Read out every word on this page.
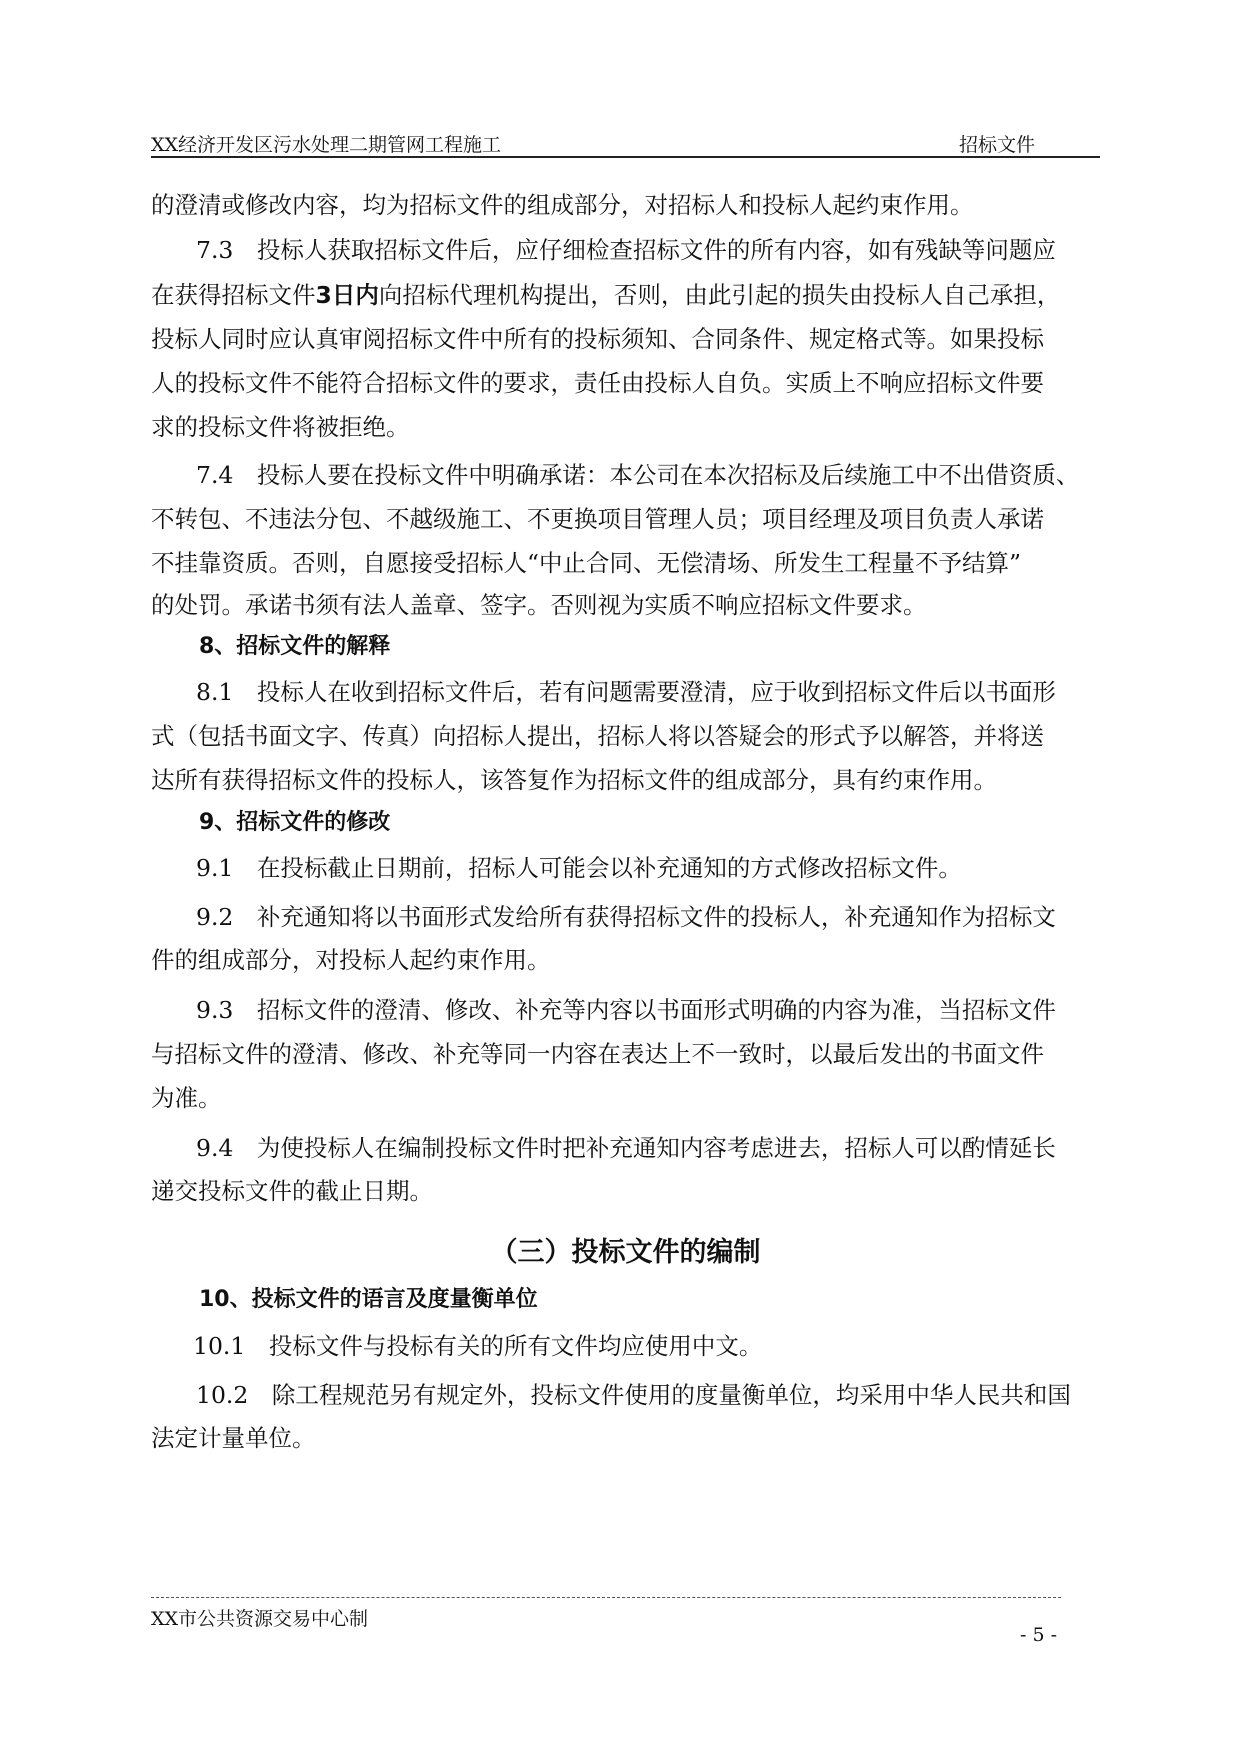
XX经济开发区污水处理二期管网工程施工	招标文件
的澄清或修改内容，均为招标文件的组成部分，对招标人和投标人起约束作用。
7.3　投标人获取招标文件后，应仔细检查招标文件的所有内容，如有残缺等问题应
在获得招标文件3日内向招标代理机构提出，否则，由此引起的损失由投标人自己承担，
投标人同时应认真审阅招标文件中所有的投标须知、合同条件、规定格式等。如果投标
人的投标文件不能符合招标文件的要求，责任由投标人自负。实质上不响应招标文件要
求的投标文件将被拒绝。
7.4　投标人要在投标文件中明确承诺：本公司在本次招标及后续施工中不出借资质、
不转包、不违法分包、不越级施工、不更换项目管理人员；项目经理及项目负责人承诺
不挂靠资质。否则，自愿接受招标人“中止合同、无偿清场、所发生工程量不予结算”
的处罚。承诺书须有法人盖章、签字。否则视为实质不响应招标文件要求。
8、招标文件的解释
8.1　投标人在收到招标文件后，若有问题需要澄清，应于收到招标文件后以书面形
式（包括书面文字、传真）向招标人提出，招标人将以答疑会的形式予以解答，并将送
达所有获得招标文件的投标人，该答复作为招标文件的组成部分，具有约束作用。
9、招标文件的修改
9.1　在投标截止日期前，招标人可能会以补充通知的方式修改招标文件。
9.2　补充通知将以书面形式发给所有获得招标文件的投标人，补充通知作为招标文
件的组成部分，对投标人起约束作用。
9.3　招标文件的澄清、修改、补充等内容以书面形式明确的内容为准，当招标文件
与招标文件的澄清、修改、补充等同一内容在表达上不一致时，以最后发出的书面文件
为准。
9.4　为使投标人在编制投标文件时把补充通知内容考虑进去，招标人可以酌情延长
递交投标文件的截止日期。
（三）投标文件的编制
10、投标文件的语言及度量衡单位
10.1　投标文件与投标有关的所有文件均应使用中文。
10.2　除工程规范另有规定外，投标文件使用的度量衡单位，均采用中华人民共和国
法定计量单位。
XX市公共资源交易中心制
- 5 -
